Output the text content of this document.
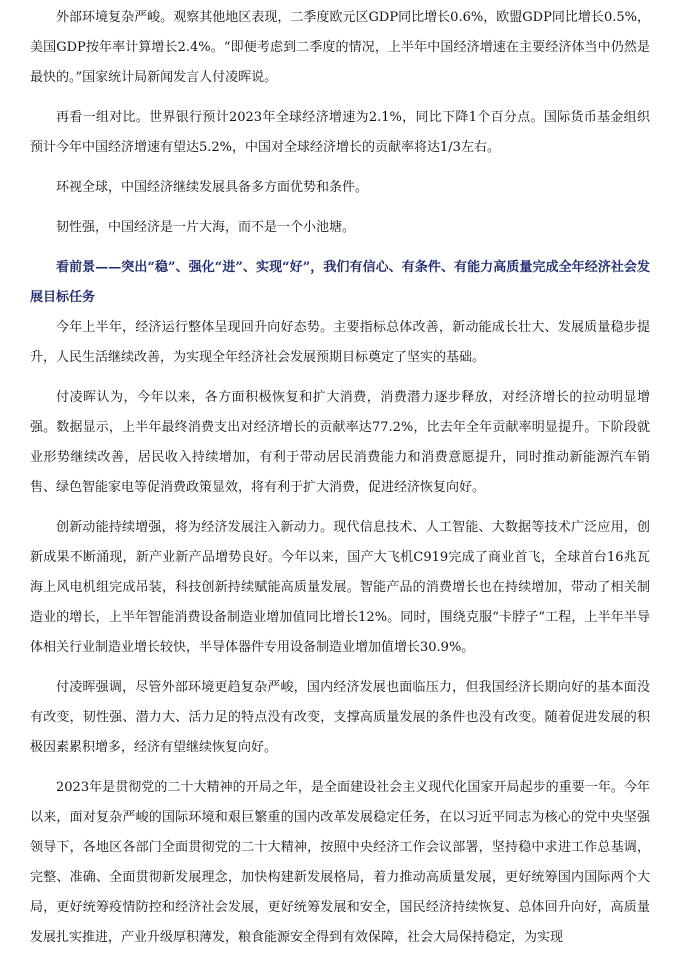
外部环境复杂严峻。观察其他地区表现，二季度欧元区GDP同比增长0.6%，欧盟GDP同比增长0.5%，美国GDP按年率计算增长2.4%。“即便考虑到二季度的情况，上半年中国经济增速在主要经济体当中仍然是最快的。”国家统计局新闻发言人付凌晖说。

再看一组对比。世界银行预计2023年全球经济增速为2.1%，同比下降1个百分点。国际货币基金组织预计今年中国经济增速有望达5.2%，中国对全球经济增长的贡献率将达1/3左右。

环视全球，中国经济继续发展具备多方面优势和条件。

韧性强，中国经济是一片大海，而不是一个小池塘。

看前景——突出“稳”、强化“进”、实现“好”，我们有信心、有条件、有能力高质量完成全年经济社会发展目标任务

今年上半年，经济运行整体呈现回升向好态势。主要指标总体改善，新动能成长壮大、发展质量稳步提升，人民生活继续改善，为实现全年经济社会发展预期目标奠定了坚实的基础。

付凌晖认为，今年以来，各方面积极恢复和扩大消费，消费潜力逐步释放，对经济增长的拉动明显增强。数据显示，上半年最终消费支出对经济增长的贡献率达77.2%，比去年全年贡献率明显提升。下阶段就业形势继续改善，居民收入持续增加，有利于带动居民消费能力和消费意愿提升，同时推动新能源汽车销售、绿色智能家电等促消费政策显效，将有利于扩大消费，促进经济恢复向好。

创新动能持续增强，将为经济发展注入新动力。现代信息技术、人工智能、大数据等技术广泛应用，创新成果不断涌现，新产业新产品增势良好。今年以来，国产大飞机C919完成了商业首飞，全球首台16兆瓦海上风电机组完成吊装，科技创新持续赋能高质量发展。智能产品的消费增长也在持续增加，带动了相关制造业的增长，上半年智能消费设备制造业增加值同比增长12%。同时，围绕克服“卡脖子”工程，上半年半导体相关行业制造业增长较快，半导体器件专用设备制造业增加值增长30.9%。

付凌晖强调，尽管外部环境更趋复杂严峻，国内经济发展也面临压力，但我国经济长期向好的基本面没有改变，韧性强、潜力大、活力足的特点没有改变，支撑高质量发展的条件也没有改变。随着促进发展的积极因素累积增多，经济有望继续恢复向好。

2023年是贯彻党的二十大精神的开局之年，是全面建设社会主义现代化国家开局起步的重要一年。今年以来，面对复杂严峻的国际环境和艰巨繁重的国内改革发展稳定任务，在以习近平同志为核心的党中央坚强领导下，各地区各部门全面贯彻党的二十大精神，按照中央经济工作会议部署，坚持稳中求进工作总基调，完整、准确、全面贯彻新发展理念，加快构建新发展格局，着力推动高质量发展，更好统筹国内国际两个大局，更好统筹疫情防控和经济社会发展，更好统筹发展和安全，国民经济持续恢复、总体回升向好，高质量发展扎实推进，产业升级厚积薄发，粮食能源安全得到有效保障，社会大局保持稳定，为实现
